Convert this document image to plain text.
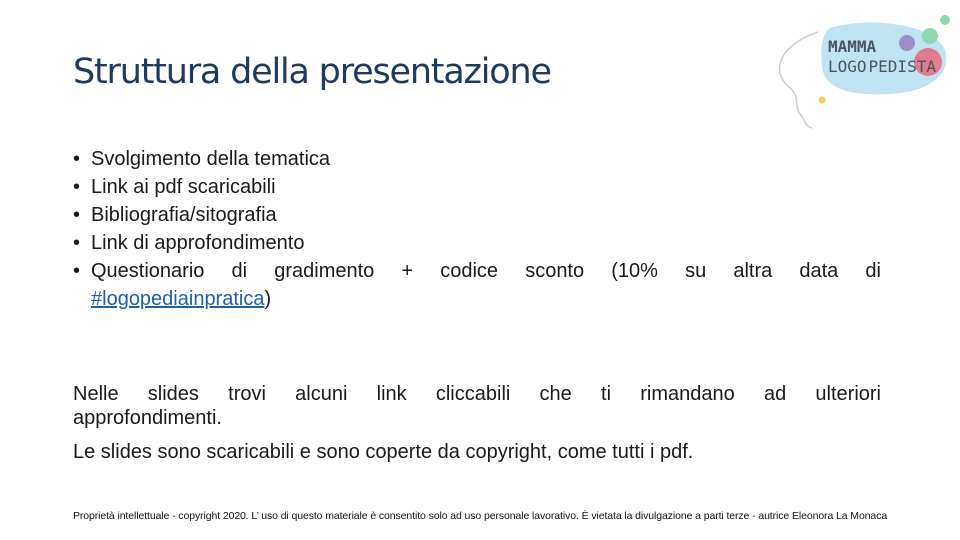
Struttura della presentazione
MAMMA
LOGO PEDISTA
• Svolgimento della tematica
• Link ai pdf scaricabili
• Bibliografia/sitografia
• Link di approfondimento
• Questionario di gradimento + codice sconto (10% su altra data di
#logopediainpratica)

Nelle slides trovi alcuni link cliccabili che ti rimandano ad ulteriori
approfondimenti.

Le slides sono scaricabili e sono coperte da copyright, come tutti i pdf.

Proprietà intellettuale - copyright 2020. L’ uso di questo materiale è consentito solo ad uso personale lavorativo. È vietata la divulgazione a parti terze - autrice Eleonora La Monaca
